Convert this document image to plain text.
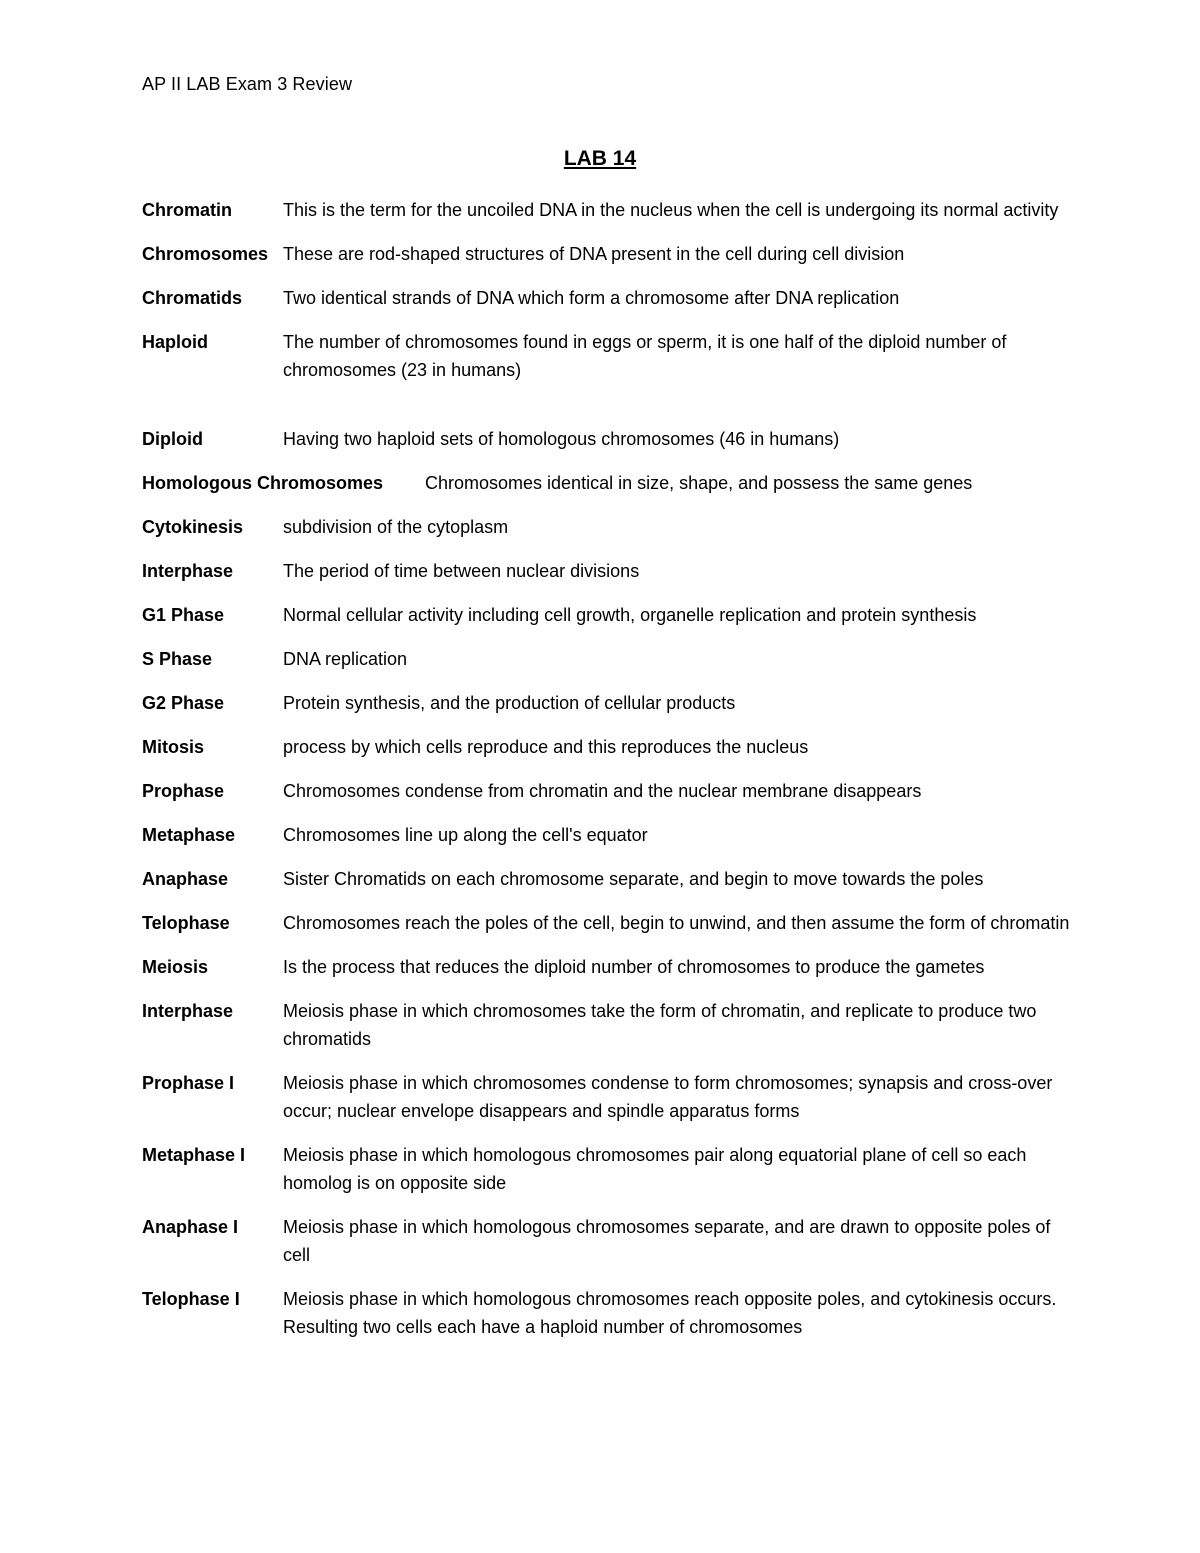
AP II LAB Exam 3 Review
LAB 14
Chromatin	This is the term for the uncoiled DNA in the nucleus when the cell is undergoing its normal activity
Chromosomes These are rod-shaped structures of DNA present in the cell during cell division
Chromatids Two identical strands of DNA which form a chromosome after DNA replication
Haploid	The number of chromosomes found in eggs or sperm, it is one half of the diploid number of chromosomes (23 in humans)
Diploid	Having two haploid sets of homologous chromosomes (46 in humans)
Homologous Chromosomes Chromosomes identical in size, shape, and possess the same genes
Cytokinesis subdivision of the cytoplasm
Interphase	The period of time between nuclear divisions
G1 Phase	Normal cellular activity including cell growth, organelle replication and protein synthesis
S Phase	DNA replication
G2 Phase	Protein synthesis, and the production of cellular products
Mitosis	process by which cells reproduce and this reproduces the nucleus
Prophase	Chromosomes condense from chromatin and the nuclear membrane disappears
Metaphase	Chromosomes line up along the cell's equator
Anaphase	Sister Chromatids on each chromosome separate, and begin to move towards the poles
Telophase	Chromosomes reach the poles of the cell, begin to unwind, and then assume the form of chromatin
Meiosis	Is the process that reduces the diploid number of chromosomes to produce the gametes
Interphase	Meiosis phase in which chromosomes take the form of chromatin, and replicate to produce two chromatids
Prophase I	Meiosis phase in which chromosomes condense to form chromosomes; synapsis and cross-over occur; nuclear envelope disappears and spindle apparatus forms
Metaphase I Meiosis phase in which homologous chromosomes pair along equatorial plane of cell so each homolog is on opposite side
Anaphase I Meiosis phase in which homologous chromosomes separate, and are drawn to opposite poles of cell
Telophase I Meiosis phase in which homologous chromosomes reach opposite poles, and cytokinesis occurs. Resulting two cells each have a haploid number of chromosomes
